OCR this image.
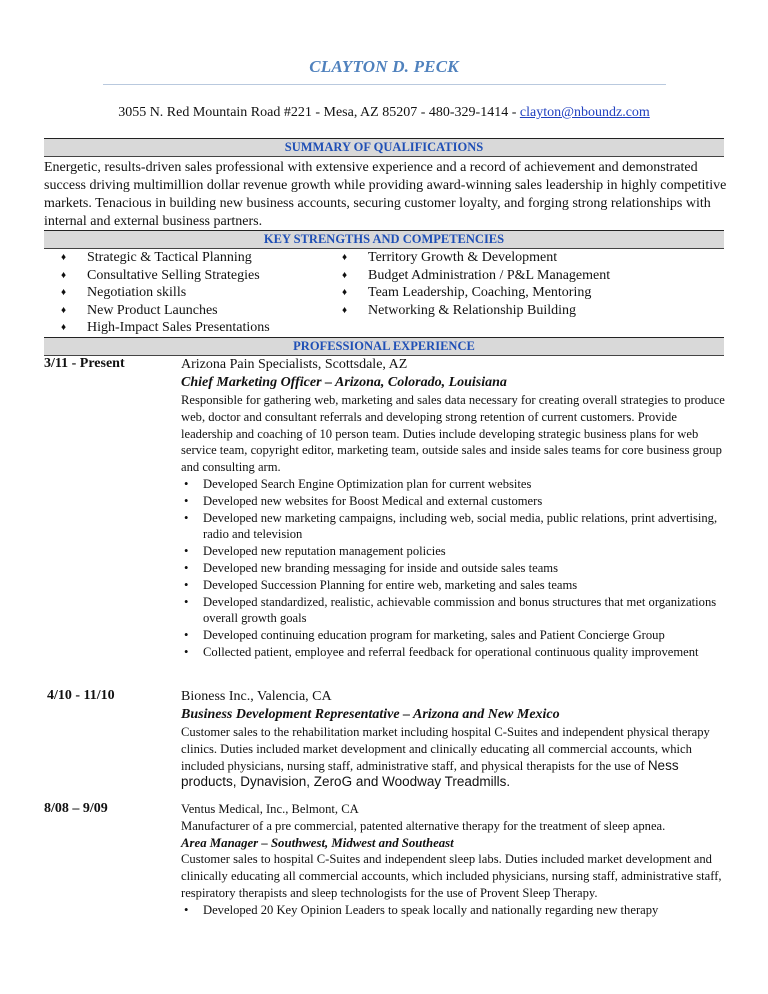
CLAYTON D. PECK
3055 N. Red Mountain Road #221 - Mesa, AZ 85207 - 480-329-1414 - clayton@nboundz.com
SUMMARY OF QUALIFICATIONS
Energetic, results-driven sales professional with extensive experience and a record of achievement and demonstrated success driving multimillion dollar revenue growth while providing award-winning sales leadership in highly competitive markets. Tenacious in building new business accounts, securing customer loyalty, and forging strong relationships with internal and external business partners.
KEY STRENGTHS AND COMPETENCIES
♦ Strategic & Tactical Planning
♦ Consultative Selling Strategies
♦ Negotiation skills
♦ New Product Launches
♦ High-Impact Sales Presentations
♦ Territory Growth & Development
♦ Budget Administration / P&L Management
♦ Team Leadership, Coaching, Mentoring
♦ Networking & Relationship Building
PROFESSIONAL EXPERIENCE
3/11 - Present	Arizona Pain Specialists, Scottsdale, AZ
Chief Marketing Officer – Arizona, Colorado, Louisiana
Responsible for gathering web, marketing and sales data necessary for creating overall strategies to produce web, doctor and consultant referrals and developing strong retention of current customers. Provide leadership and coaching of 10 person team. Duties include developing strategic business plans for web service team, copyright editor, marketing team, outside sales and inside sales teams for core business group and consulting arm.
• Developed Search Engine Optimization plan for current websites
• Developed new websites for Boost Medical and external customers
• Developed new marketing campaigns, including web, social media, public relations, print advertising, radio and television
• Developed new reputation management policies
• Developed new branding messaging for inside and outside sales teams
• Developed Succession Planning for entire web, marketing and sales teams
• Developed standardized, realistic, achievable commission and bonus structures that met organizations overall growth goals
• Developed continuing education program for marketing, sales and Patient Concierge Group
• Collected patient, employee and referral feedback for operational continuous quality improvement
4/10 - 11/10	Bioness Inc., Valencia, CA
Business Development Representative – Arizona and New Mexico
Customer sales to the rehabilitation market including hospital C-Suites and independent physical therapy clinics. Duties included market development and clinically educating all commercial accounts, which included physicians, nursing staff, administrative staff, and physical therapists for the use of Ness products, Dynavision, ZeroG and Woodway Treadmills.
8/08 – 9/09	Ventus Medical, Inc., Belmont, CA
Manufacturer of a pre commercial, patented alternative therapy for the treatment of sleep apnea.
Area Manager – Southwest, Midwest and Southeast
Customer sales to hospital C-Suites and independent sleep labs. Duties included market development and clinically educating all commercial accounts, which included physicians, nursing staff, administrative staff, respiratory therapists and sleep technologists for the use of Provent Sleep Therapy.
• Developed 20 Key Opinion Leaders to speak locally and nationally regarding new therapy
